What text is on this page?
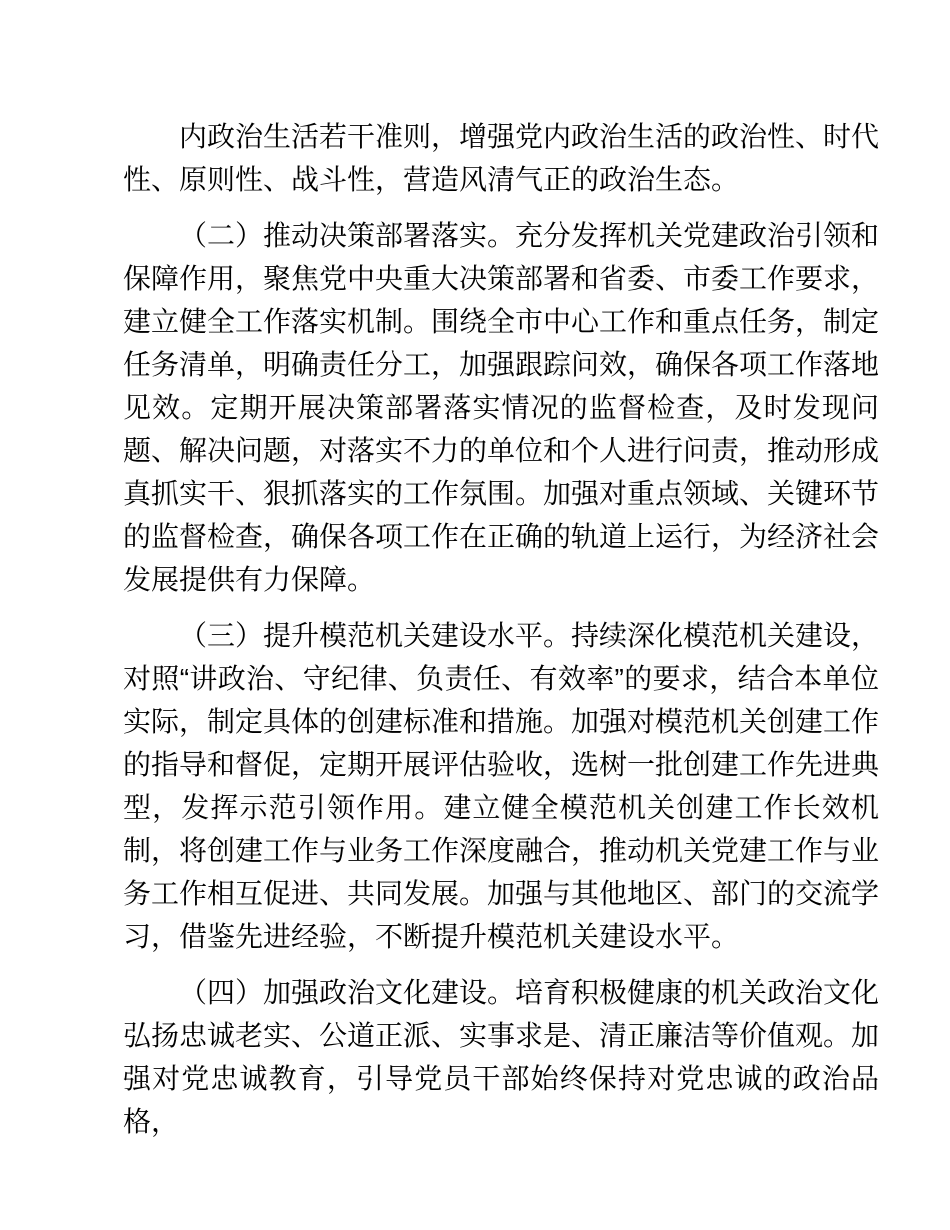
内政治生活若干准则，增强党内政治生活的政治性、时代性、原则性、战斗性，营造风清气正的政治生态。

（二）推动决策部署落实。充分发挥机关党建政治引领和保障作用，聚焦党中央重大决策部署和省委、市委工作要求，建立健全工作落实机制。围绕全市中心工作和重点任务，制定任务清单，明确责任分工，加强跟踪问效，确保各项工作落地见效。定期开展决策部署落实情况的监督检查，及时发现问题、解决问题，对落实不力的单位和个人进行问责，推动形成真抓实干、狠抓落实的工作氛围。加强对重点领域、关键环节的监督检查，确保各项工作在正确的轨道上运行，为经济社会发展提供有力保障。

（三）提升模范机关建设水平。持续深化模范机关建设，对照“讲政治、守纪律、负责任、有效率”的要求，结合本单位实际，制定具体的创建标准和措施。加强对模范机关创建工作的指导和督促，定期开展评估验收，选树一批创建工作先进典型，发挥示范引领作用。建立健全模范机关创建工作长效机制，将创建工作与业务工作深度融合，推动机关党建工作与业务工作相互促进、共同发展。加强与其他地区、部门的交流学习，借鉴先进经验，不断提升模范机关建设水平。

（四）加强政治文化建设。培育积极健康的机关政治文化弘扬忠诚老实、公道正派、实事求是、清正廉洁等价值观。加强对党忠诚教育，引导党员干部始终保持对党忠诚的政治品格，
